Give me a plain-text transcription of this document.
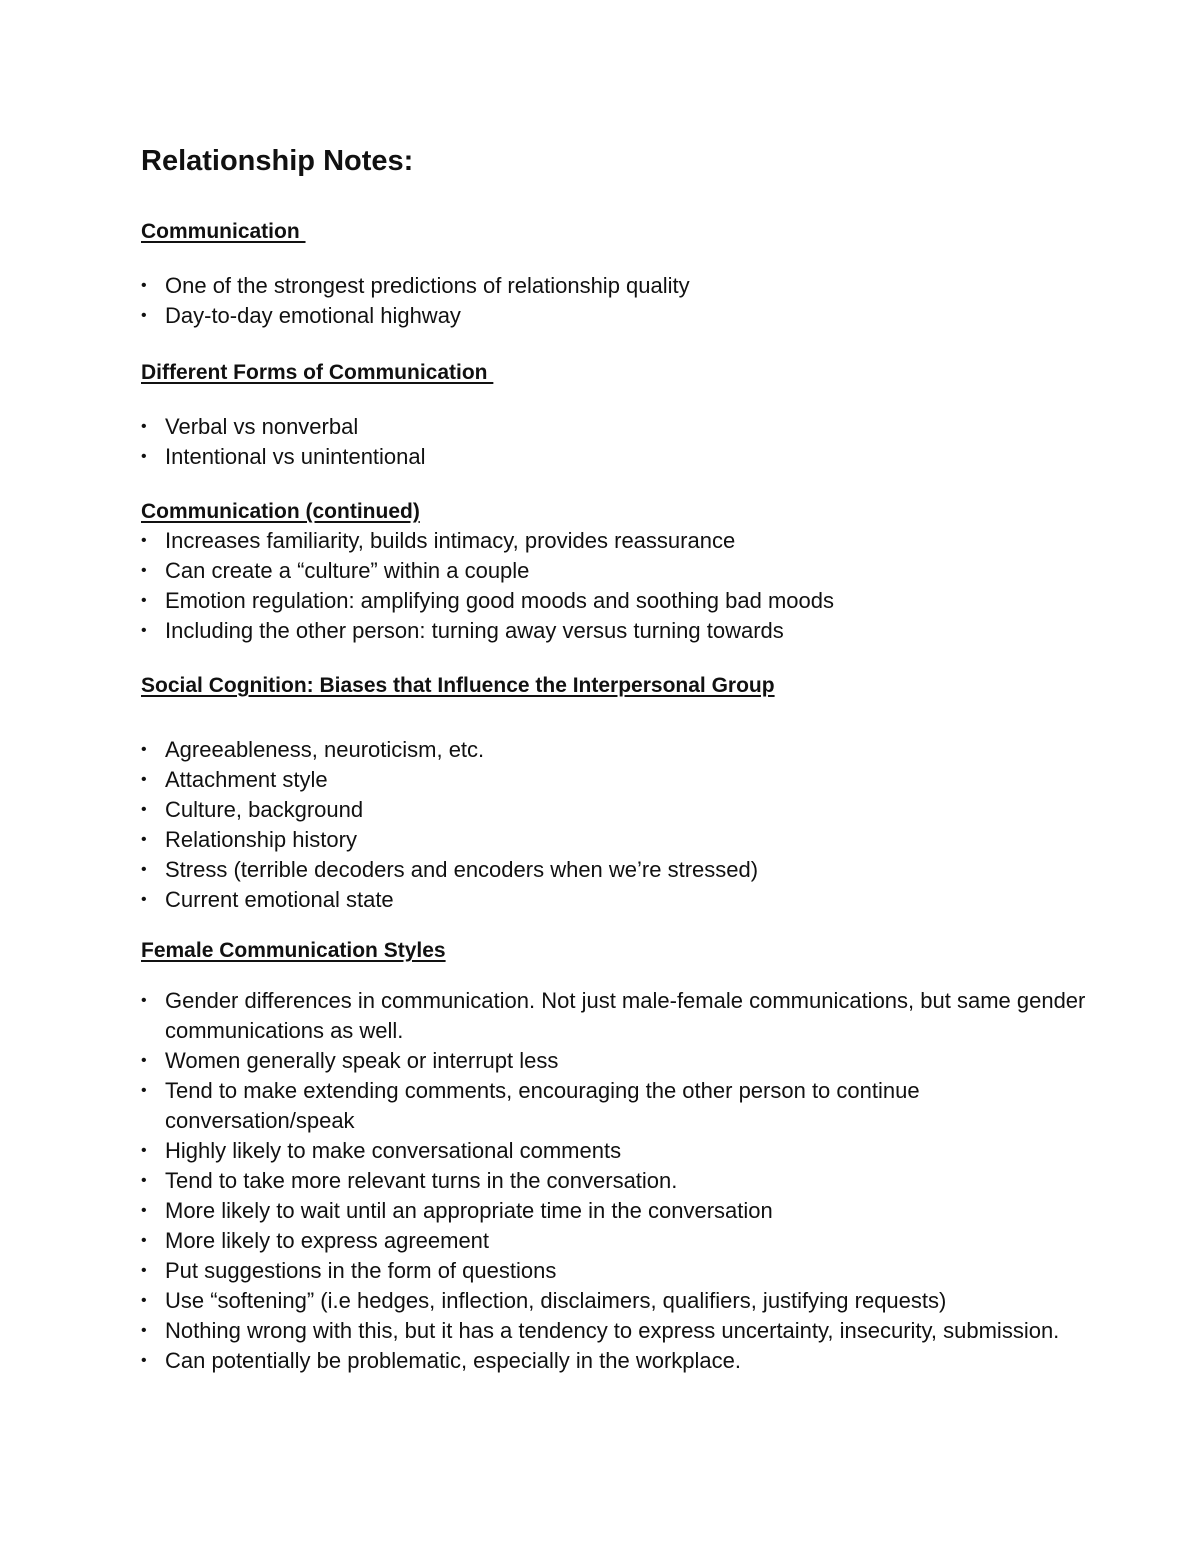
Relationship Notes:
Communication
• One of the strongest predictions of relationship quality
• Day-to-day emotional highway
Different Forms of Communication
• Verbal vs nonverbal
• Intentional vs unintentional
Communication (continued)
• Increases familiarity, builds intimacy, provides reassurance
• Can create a “culture” within a couple
• Emotion regulation: amplifying good moods and soothing bad moods
• Including the other person: turning away versus turning towards
Social Cognition: Biases that Influence the Interpersonal Group
• Agreeableness, neuroticism, etc.
• Attachment style
• Culture, background
• Relationship history
• Stress (terrible decoders and encoders when we’re stressed)
• Current emotional state
Female Communication Styles
• Gender differences in communication. Not just male-female communications, but same gender communications as well.
• Women generally speak or interrupt less
• Tend to make extending comments, encouraging the other person to continue conversation/speak
• Highly likely to make conversational comments
• Tend to take more relevant turns in the conversation.
• More likely to wait until an appropriate time in the conversation
• More likely to express agreement
• Put suggestions in the form of questions
• Use “softening” (i.e hedges, inflection, disclaimers, qualifiers, justifying requests)
• Nothing wrong with this, but it has a tendency to express uncertainty, insecurity, submission.
• Can potentially be problematic, especially in the workplace.
